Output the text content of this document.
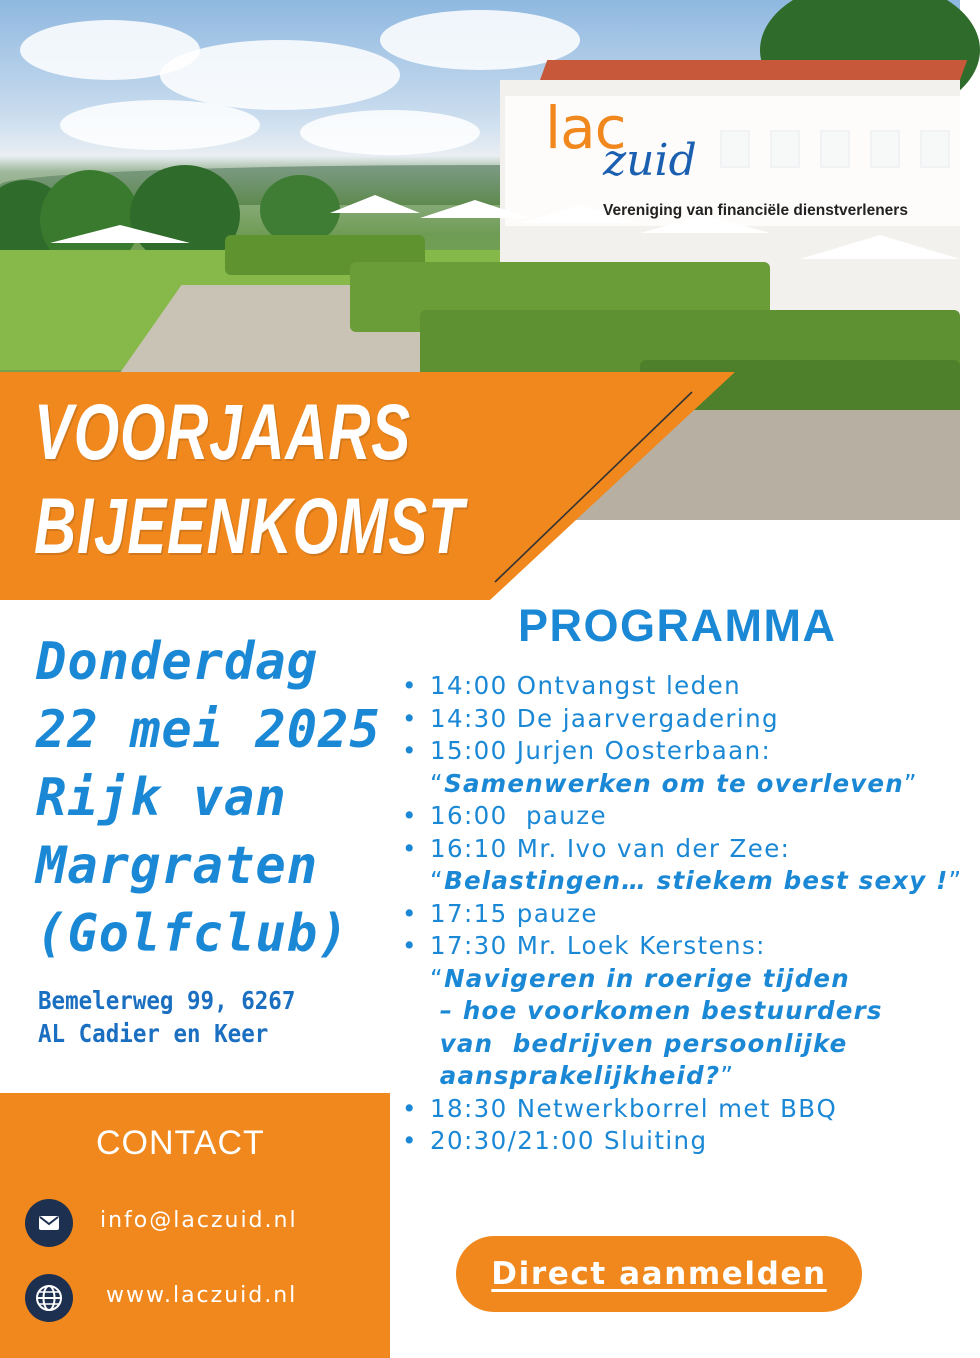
lac
zuid
Vereniging van financiële dienstverleners
VOORJAARS
BIJEENKOMST
Donderdag
22 mei 2025
Rijk van
Margraten
(Golfclub)
Bemelerweg 99, 6267
AL Cadier en Keer
PROGRAMMA
• 14:00 Ontvangst leden
• 14:30 De jaarvergadering
• 15:00 Jurjen Oosterbaan:
“Samenwerken om te overleven”
• 16:00  pauze
• 16:10 Mr. Ivo van der Zee:
“Belastingen… stiekem best sexy !”
• 17:15 pauze
• 17:30 Mr. Loek Kerstens:
“Navigeren in roerige tijden
– hoe voorkomen bestuurders
van  bedrijven persoonlijke
aansprakelijkheid?”
• 18:30 Netwerkborrel met BBQ
• 20:30/21:00 Sluiting
CONTACT
info@laczuid.nl
www.laczuid.nl
Direct aanmelden
